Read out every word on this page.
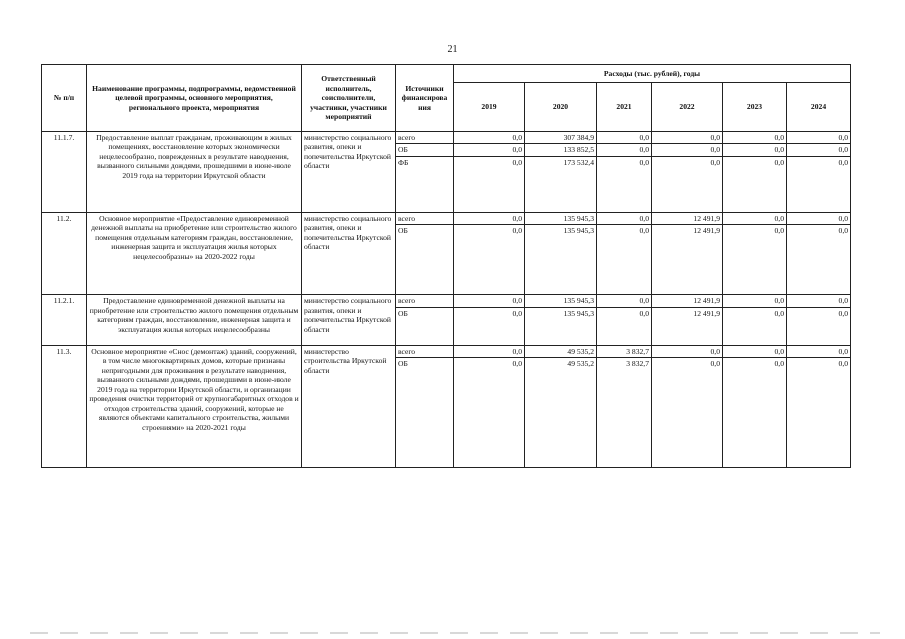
21
№ п/п	Наименование программы, подпрограммы, ведомственной целевой программы, основного мероприятия, регионального проекта, мероприятия	Ответственный исполнитель, соисполнители, участники, участники мероприятий	Источники финансирова ния	Расходы (тыс. рублей), годы					
				2019	2020	2021	2022	2023	2024
11.1.7.	Предоставление выплат гражданам, проживающим в жилых помещениях, восстановление которых экономически нецелесообразно, поврежденных в результате наводнения, вызванного сильными дождями, прошедшими в июне-июле 2019 года на территории Иркутской области	министерство социального развития, опеки и попечительства Иркутской области	всего	0,0	307 384,9	0,0	0,0	0,0	0,0
			ОБ	0,0	133 852,5	0,0	0,0	0,0	0,0
			ФБ	0,0	173 532,4	0,0	0,0	0,0	0,0
11.2.	Основное мероприятие «Предоставление единовременной денежной выплаты на приобретение или строительство жилого помещения отдельным категориям граждан, восстановление, инженерная защита и эксплуатация жилья которых нецелесообразны» на 2020-2022 годы	министерство социального развития, опеки и попечительства Иркутской области	всего	0,0	135 945,3	0,0	12 491,9	0,0	0,0
			ОБ	0,0	135 945,3	0,0	12 491,9	0,0	0,0
11.2.1.	Предоставление единовременной денежной выплаты на приобретение или строительство жилого помещения отдельным категориям граждан, восстановление, инженерная защита и эксплуатация жилья которых нецелесообразны	министерство социального развития, опеки и попечительства Иркутской области	всего	0,0	135 945,3	0,0	12 491,9	0,0	0,0
			ОБ	0,0	135 945,3	0,0	12 491,9	0,0	0,0
11.3.	Основное мероприятие «Снос (демонтаж) зданий, сооружений, в том числе многоквартирных домов, которые признаны непригодными для проживания в результате наводнения, вызванного сильными дождями, прошедшими в июне-июле 2019 года на территории Иркутской области, и организации проведения очистки территорий от крупногабаритных отходов и отходов строительства зданий, сооружений, которые не являются объектами капитального строительства, жилыми строениями» на 2020-2021 годы	министерство строительства Иркутской области	всего	0,0	49 535,2	3 832,7	0,0	0,0	0,0
			ОБ	0,0	49 535,2	3 832,7	0,0	0,0	0,0
